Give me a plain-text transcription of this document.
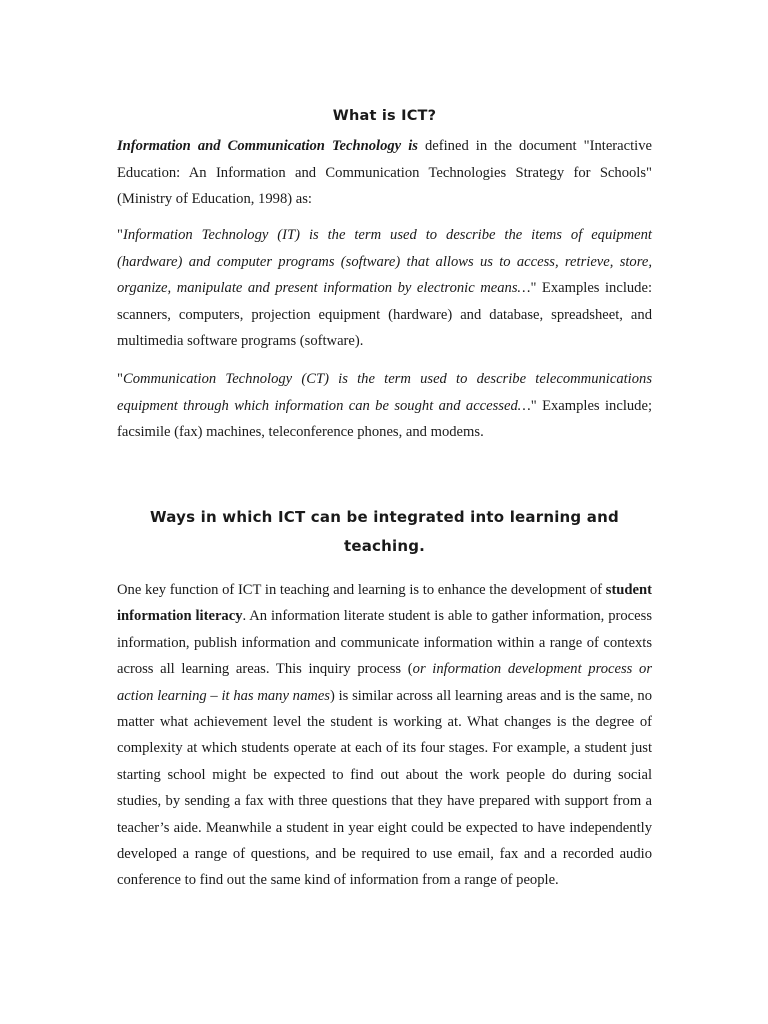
What is ICT?

Information and Communication Technology is defined in the document "Interactive Education: An Information and Communication Technologies Strategy for Schools" (Ministry of Education, 1998) as:

"Information Technology (IT) is the term used to describe the items of equipment (hardware) and computer programs (software) that allows us to access, retrieve, store, organize, manipulate and present information by electronic means…" Examples include: scanners, computers, projection equipment (hardware) and database, spreadsheet, and multimedia software programs (software).

"Communication Technology (CT) is the term used to describe telecommunications equipment through which information can be sought and accessed…" Examples include; facsimile (fax) machines, teleconference phones, and modems.

Ways in which ICT can be integrated into learning and teaching.

One key function of ICT in teaching and learning is to enhance the development of student information literacy. An information literate student is able to gather information, process information, publish information and communicate information within a range of contexts across all learning areas. This inquiry process (or information development process or action learning – it has many names) is similar across all learning areas and is the same, no matter what achievement level the student is working at. What changes is the degree of complexity at which students operate at each of its four stages. For example, a student just starting school might be expected to find out about the work people do during social studies, by sending a fax with three questions that they have prepared with support from a teacher’s aide. Meanwhile a student in year eight could be expected to have independently developed a range of questions, and be required to use email, fax and a recorded audio conference to find out the same kind of information from a range of people.
